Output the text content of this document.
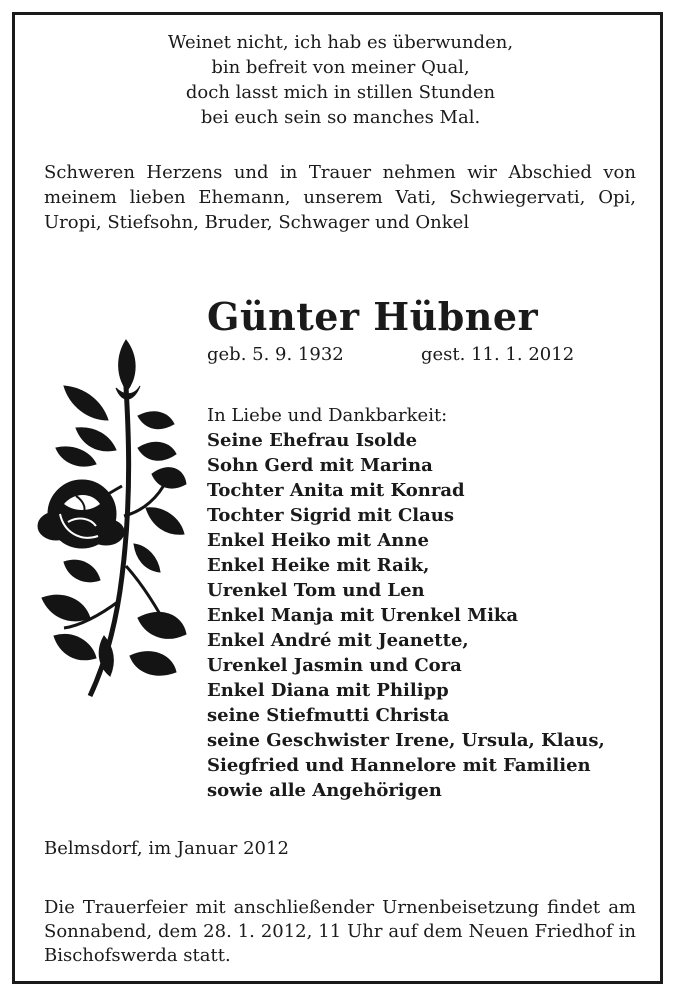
Weinet nicht, ich hab es überwunden,
bin befreit von meiner Qual,
doch lasst mich in stillen Stunden
bei euch sein so manches Mal.
Schweren Herzens und in Trauer nehmen wir Abschied von meinem lieben Ehemann, unserem Vati, Schwiegervati, Opi, Uropi, Stiefsohn, Bruder, Schwager und Onkel
Günter Hübner
geb. 5. 9. 1932	gest. 11. 1. 2012
In Liebe und Dankbarkeit:
Seine Ehefrau Isolde
Sohn Gerd mit Marina
Tochter Anita mit Konrad
Tochter Sigrid mit Claus
Enkel Heiko mit Anne
Enkel Heike mit Raik,
Urenkel Tom und Len
Enkel Manja mit Urenkel Mika
Enkel André mit Jeanette,
Urenkel Jasmin und Cora
Enkel Diana mit Philipp
seine Stiefmutti Christa
seine Geschwister Irene, Ursula, Klaus,
Siegfried und Hannelore mit Familien
sowie alle Angehörigen
Belmsdorf, im Januar 2012
Die Trauerfeier mit anschließender Urnenbeisetzung findet am Sonnabend, dem 28. 1. 2012, 11 Uhr auf dem Neuen Friedhof in Bischofswerda statt.
